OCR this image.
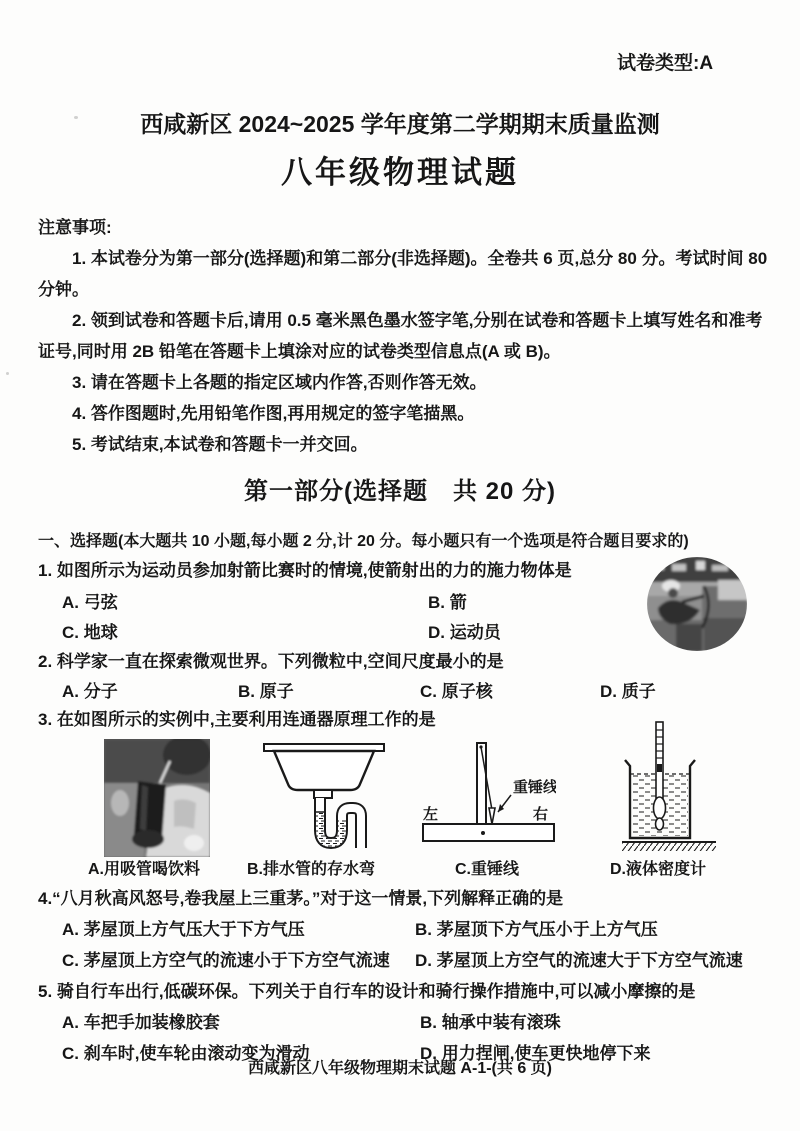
试卷类型:A
西咸新区 2024~2025 学年度第二学期期末质量监测
八年级物理试题

注意事项:

1. 本试卷分为第一部分(选择题)和第二部分(非选择题)。全卷共 6 页,总分 80 分。考试时间 80 分钟。

2. 领到试卷和答题卡后,请用 0.5 毫米黑色墨水签字笔,分别在试卷和答题卡上填写姓名和准考证号,同时用 2B 铅笔在答题卡上填涂对应的试卷类型信息点(A 或 B)。

3. 请在答题卡上各题的指定区域内作答,否则作答无效。

4. 答作图题时,先用铅笔作图,再用规定的签字笔描黑。

5. 考试结束,本试卷和答题卡一并交回。

第一部分(选择题　共 20 分)
一、选择题(本大题共 10 小题,每小题 2 分,计 20 分。每小题只有一个选项是符合题目要求的)
1. 如图所示为运动员参加射箭比赛时的情境,使箭射出的力的施力物体是
A. 弓弦	B. 箭
C. 地球	D. 运动员
2. 科学家一直在探索微观世界。下列微粒中,空间尺度最小的是
A. 分子	B. 原子	C. 原子核	D. 质子
3. 在如图所示的实例中,主要利用连通器原理工作的是
重锤线
左	右
A.用吸管喝饮料	B.排水管的存水弯	C.重锤线	D.液体密度计
4.“八月秋高风怒号,卷我屋上三重茅。”对于这一情景,下列解释正确的是
A. 茅屋顶上方气压大于下方气压	B. 茅屋顶下方气压小于上方气压
C. 茅屋顶上方空气的流速小于下方空气流速 D. 茅屋顶上方空气的流速大于下方空气流速
5. 骑自行车出行,低碳环保。下列关于自行车的设计和骑行操作措施中,可以减小摩擦的是
A. 车把手加装橡胶套	B. 轴承中装有滚珠
C. 刹车时,使车轮由滚动变为滑动	D. 用力捏闸,使车更快地停下来
西咸新区八年级物理期末试题 A-1-(共 6 页)
